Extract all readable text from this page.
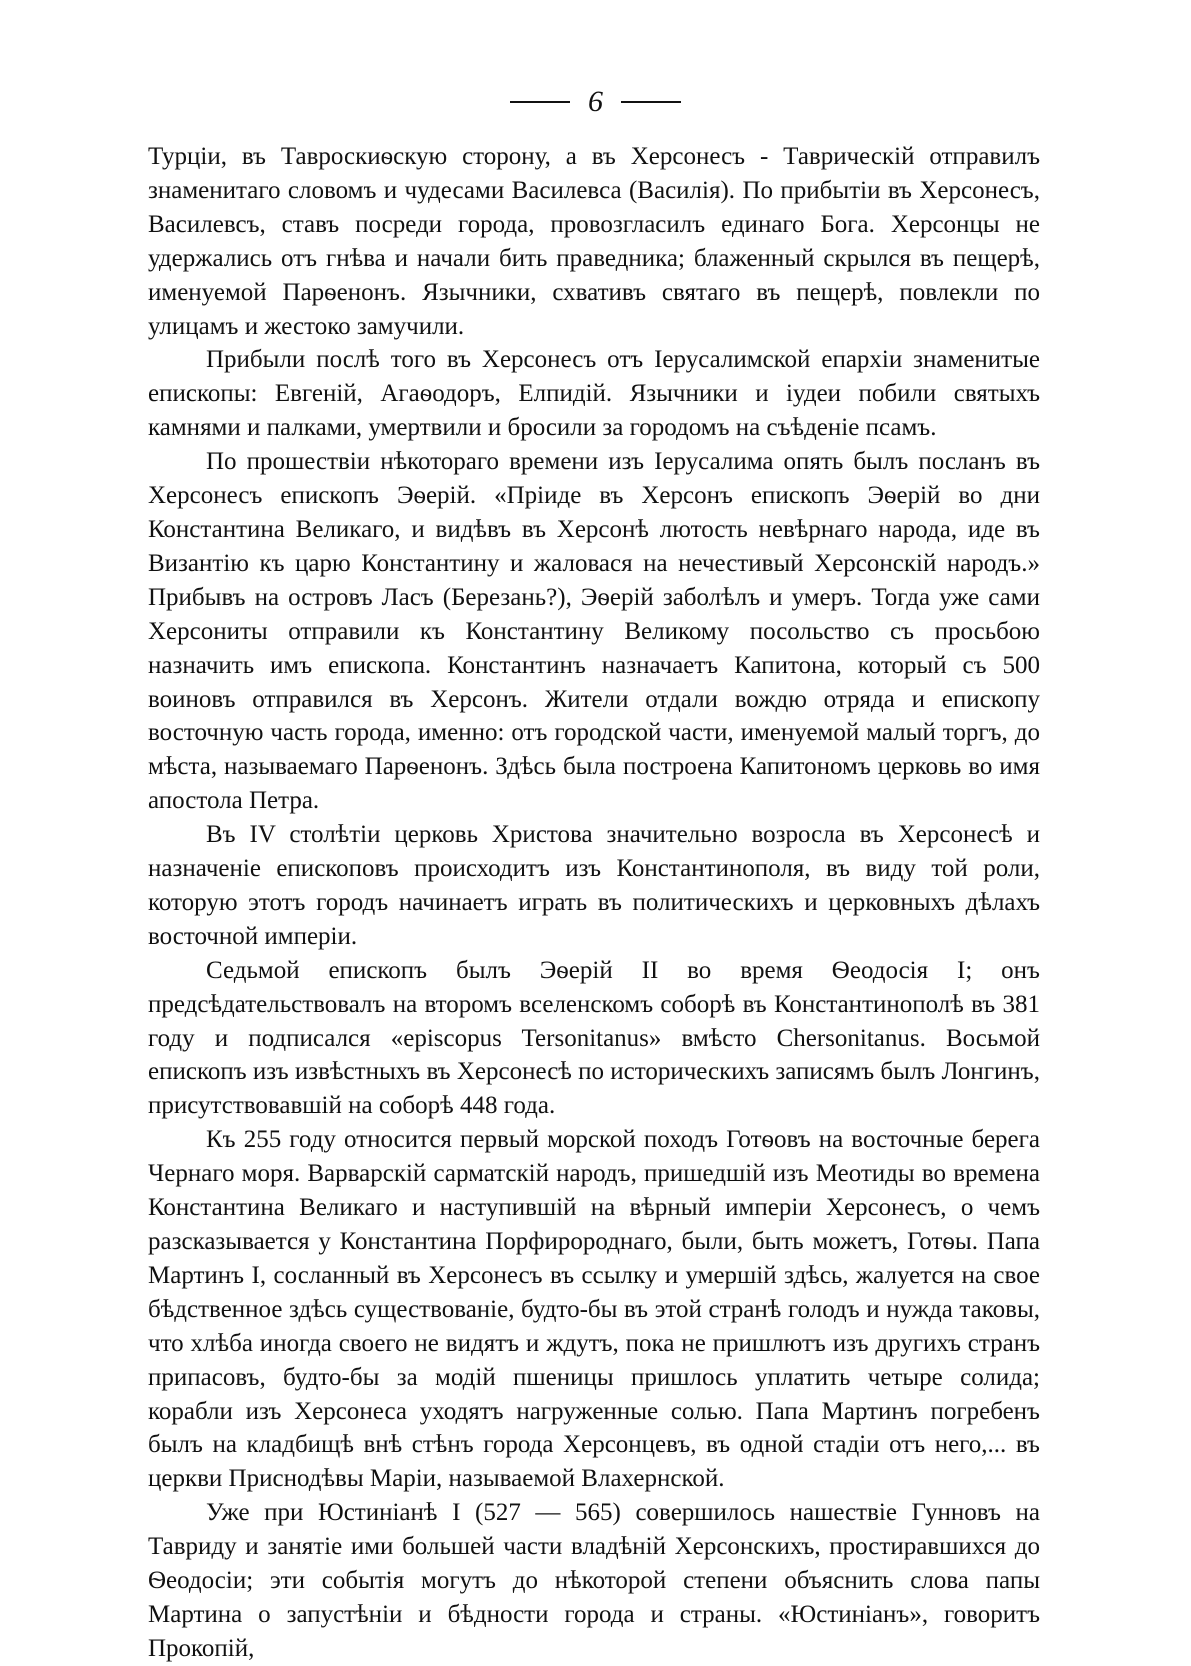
6

Турціи, въ Тавроскиѳскую сторону, а въ Херсонесъ - Таврическій отправилъ знаменитаго словомъ и чудесами Василевса (Василія). По прибытіи въ Херсонесъ, Василевсъ, ставъ посреди города, провозгласилъ единаго Бога. Херсонцы не удержались отъ гнѣва и начали бить праведника; блаженный скрылся въ пещерѣ, именуемой Парѳенонъ. Язычники, схвативъ святаго въ пещерѣ, повлекли по улицамъ и жестоко замучили.

Прибыли послѣ того въ Херсонесъ отъ Іерусалимской епархіи знаменитые епископы: Евгеній, Агаѳодоръ, Елпидій. Язычники и іудеи побили святыхъ камнями и палками, умертвили и бросили за городомъ на съѣденіе псамъ.

По прошествіи нѣкотораго времени изъ Іерусалима опять былъ посланъ въ Херсонесъ епископъ Эѳерій. «Пріиде въ Херсонъ епископъ Эѳерій во дни Константина Великаго, и видѣвъ въ Херсонѣ лютость невѣрнаго народа, иде въ Византію къ царю Константину и жаловася на нечестивый Херсонскій народъ.» Прибывъ на островъ Ласъ (Березань?), Эѳерій заболѣлъ и умеръ. Тогда уже сами Херсониты отправили къ Константину Великому посольство съ просьбою назначить имъ епископа. Константинъ назначаетъ Капитона, который съ 500 воиновъ отправился въ Херсонъ. Жители отдали вождю отряда и епископу восточную часть города, именно: отъ городской части, именуемой малый торгъ, до мѣста, называемаго Парѳенонъ. Здѣсь была построена Капитономъ церковь во имя апостола Петра.

Въ IV столѣтіи церковь Христова значительно возросла въ Херсонесѣ и назначеніе епископовъ происходитъ изъ Константинополя, въ виду той роли, которую этотъ городъ начинаетъ играть въ политическихъ и церковныхъ дѣлахъ восточной имперіи.

Седьмой епископъ былъ Эѳерій II во время Ѳеодосія I; онъ предсѣдательствовалъ на второмъ вселенскомъ соборѣ въ Константинополѣ въ 381 году и подписался «episcopus Tersonitanus» вмѣсто Chersonitanus. Восьмой епископъ изъ извѣстныхъ въ Херсонесѣ по историческихъ записямъ былъ Лонгинъ, присутствовавшій на соборѣ 448 года.

Къ 255 году относится первый морской походъ Готѳовъ на восточные берега Чернаго моря. Варварскій сарматскій народъ, пришедшій изъ Меотиды во времена Константина Великаго и наступившій на вѣрный имперіи Херсонесъ, о чемъ разсказывается у Константина Порфиророднаго, были, быть можетъ, Готѳы. Папа Мартинъ I, сосланный въ Херсонесъ въ ссылку и умершій здѣсь, жалуется на свое бѣдственное здѣсь существованіе, будто-бы въ этой странѣ голодъ и нужда таковы, что хлѣба иногда своего не видятъ и ждутъ, пока не пришлютъ изъ другихъ странъ припасовъ, будто-бы за модій пшеницы пришлось уплатить четыре солида; корабли изъ Херсонеса уходятъ нагруженные солью. Папа Мартинъ погребенъ былъ на кладбищѣ внѣ стѣнъ города Херсонцевъ, въ одной стадіи отъ него,... въ церкви Приснодѣвы Маріи, называемой Влахернской.

Уже при Юстиніанѣ I (527 — 565) совершилось нашествіе Гунновъ на Тавриду и занятіе ими большей части владѣній Херсонскихъ, простиравшихся до Ѳеодосіи; эти событія могутъ до нѣкоторой степени объяснить слова папы Мартина о запустѣніи и бѣдности города и страны. «Юстиніанъ», говоритъ Прокопій,
